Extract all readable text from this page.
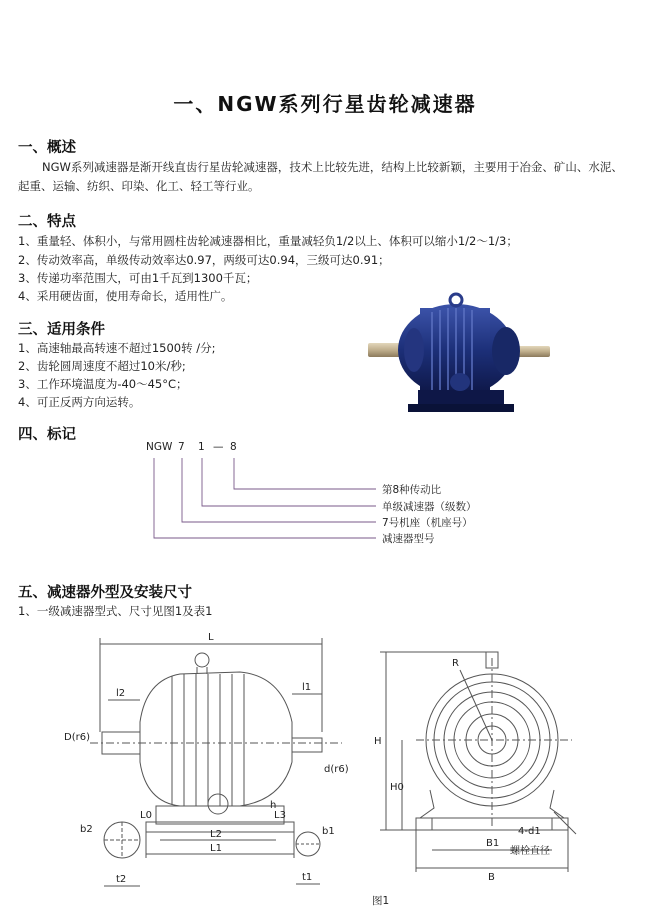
一、NGW系列行星齿轮减速器
一、概述
NGW系列减速器是渐开线直齿行星齿轮减速器，技术上比较先进，结构上比较新颖，主要用于冶金、矿山、水泥、起重、运输、纺织、印染、化工、轻工等行业。
二、特点
1、重量轻、体积小，与常用圆柱齿轮减速器相比，重量减轻负1/2以上、体积可以缩小1/2～1/3；
2、传动效率高，单级传动效率达0.97，两级可达0.94，三级可达0.91；
3、传递功率范围大，可由1千瓦到1300千瓦；
4、采用硬齿面，使用寿命长，适用性广。
三、适用条件
1、高速轴最高转速不超过1500转 /分;
2、齿轮圆周速度不超过10米/秒;
3、工作环境温度为-40～45°C；
4、可正反两方向运转。
四、标记
NGW 7 1 — 8
第8种传动比
单级减速器（级数）
7号机座（机座号）
减速器型号
五、减速器外型及安装尺寸
1、一级减速器型式、尺寸见图1及表1
L
l2
l1
D(r6)
d(r6)
L0	L3
L2
L1
h
b2	b1
t2	t1
R
H
H0
B1
B
4-d1
螺栓直径
图1
